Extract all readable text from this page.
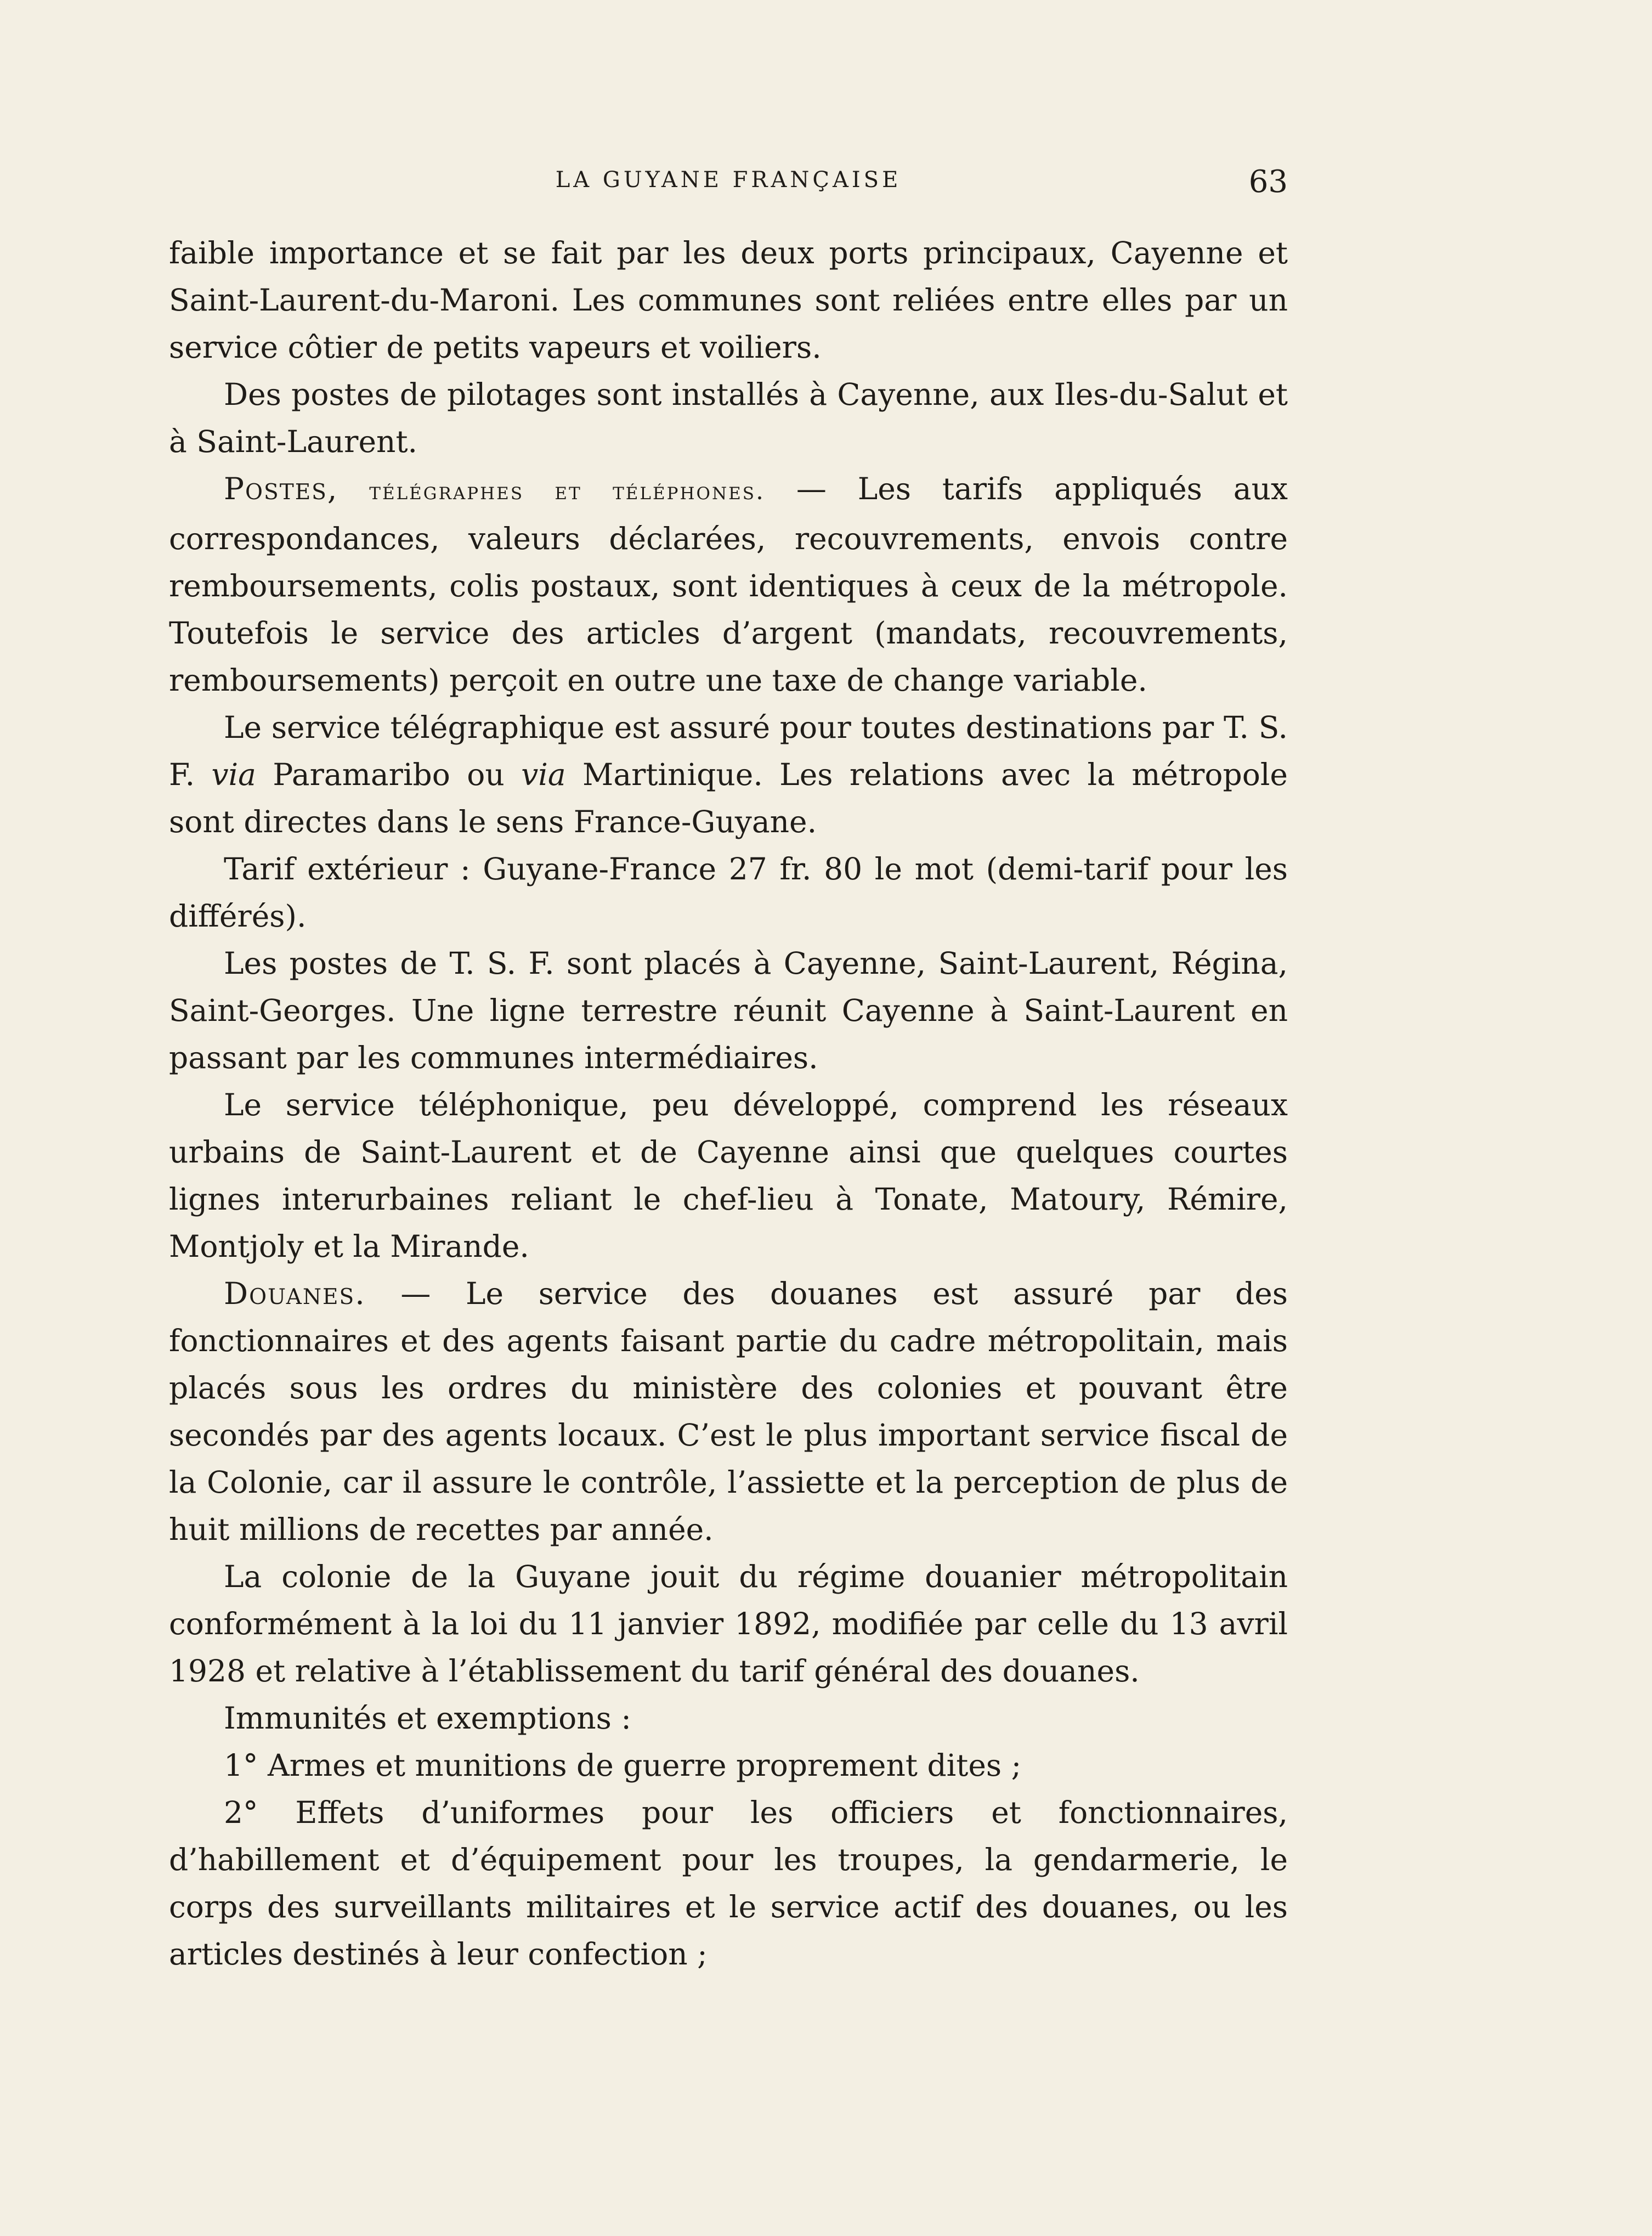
LA GUYANE FRANÇAISE	63

faible importance et se fait par les deux ports principaux, Cayenne et Saint-Laurent-du-Maroni. Les communes sont reliées entre elles par un service côtier de petits vapeurs et voiliers.

Des postes de pilotages sont installés à Cayenne, aux Iles-du-Salut et à Saint-Laurent.

Postes, télégraphes et téléphones. — Les tarifs appliqués aux correspondances, valeurs déclarées, recouvrements, envois contre remboursements, colis postaux, sont identiques à ceux de la métropole. Toutefois le service des articles d’argent (mandats, recouvrements, remboursements) perçoit en outre une taxe de change variable.

Le service télégraphique est assuré pour toutes destinations par T. S. F. via Paramaribo ou via Martinique. Les relations avec la métropole sont directes dans le sens France-Guyane.

Tarif extérieur : Guyane-France 27 fr. 80 le mot (demi-tarif pour les différés).

Les postes de T. S. F. sont placés à Cayenne, Saint-Laurent, Régina, Saint-Georges. Une ligne terrestre réunit Cayenne à Saint-Laurent en passant par les communes intermédiaires.

Le service téléphonique, peu développé, comprend les réseaux urbains de Saint-Laurent et de Cayenne ainsi que quelques courtes lignes interurbaines reliant le chef-lieu à Tonate, Matoury, Rémire, Montjoly et la Mirande.

Douanes. — Le service des douanes est assuré par des fonctionnaires et des agents faisant partie du cadre métropolitain, mais placés sous les ordres du ministère des colonies et pouvant être secondés par des agents locaux. C’est le plus important service fiscal de la Colonie, car il assure le contrôle, l’assiette et la perception de plus de huit millions de recettes par année.

La colonie de la Guyane jouit du régime douanier métropolitain conformément à la loi du 11 janvier 1892, modifiée par celle du 13 avril 1928 et relative à l’établissement du tarif général des douanes.

Immunités et exemptions :

1° Armes et munitions de guerre proprement dites ;

2° Effets d’uniformes pour les officiers et fonctionnaires, d’habillement et d’équipement pour les troupes, la gendarmerie, le corps des surveillants militaires et le service actif des douanes, ou les articles destinés à leur confection ;
